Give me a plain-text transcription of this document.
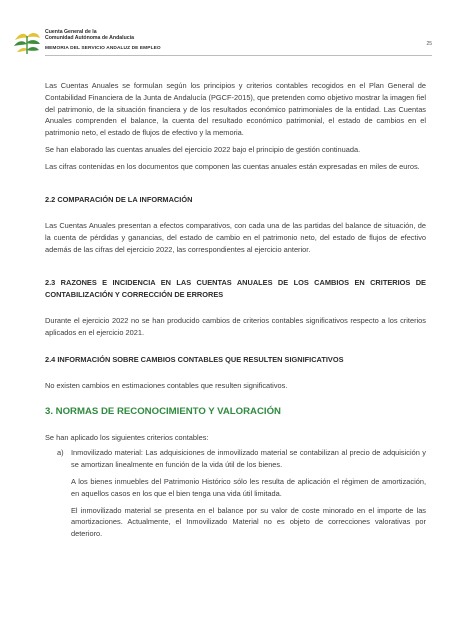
Cuenta General de la
Comunidad Autónoma de Andalucía
25
MEMORIA DEL SERVICIO ANDALUZ DE EMPLEO

Las Cuentas Anuales se formulan según los principios y criterios contables recogidos en el Plan General de Contabilidad Financiera de la Junta de Andalucía (PGCF-2015), que pretenden como objetivo mostrar la imagen fiel del patrimonio, de la situación financiera y de los resultados económico patrimoniales de la entidad. Las Cuentas Anuales comprenden el balance, la cuenta del resultado económico patrimonial, el estado de cambios en el patrimonio neto, el estado de flujos de efectivo y la memoria.

Se han elaborado las cuentas anuales del ejercicio 2022 bajo el principio de gestión continuada.

Las cifras contenidas en los documentos que componen las cuentas anuales están expresadas en miles de euros.

2.2 COMPARACIÓN DE LA INFORMACIÓN

Las Cuentas Anuales presentan a efectos comparativos, con cada una de las partidas del balance de situación, de la cuenta de pérdidas y ganancias, del estado de cambio en el patrimonio neto, del estado de flujos de efectivo además de las cifras del ejercicio 2022, las correspondientes al ejercicio anterior.

2.3 RAZONES E INCIDENCIA EN LAS CUENTAS ANUALES DE LOS CAMBIOS EN CRITERIOS DE CONTABILIZACIÓN Y CORRECCIÓN DE ERRORES

Durante el ejercicio 2022 no se han producido cambios de criterios contables significativos respecto a los criterios aplicados en el ejercicio 2021.

2.4 INFORMACIÓN SOBRE CAMBIOS CONTABLES QUE RESULTEN SIGNIFICATIVOS

No existen cambios en estimaciones contables que resulten significativos.

3. NORMAS DE RECONOCIMIENTO Y VALORACIÓN

Se han aplicado los siguientes criterios contables:

a) Inmovilizado material: Las adquisiciones de inmovilizado material se contabilizan al precio de adquisición y se amortizan linealmente en función de la vida útil de los bienes.

A los bienes inmuebles del Patrimonio Histórico sólo les resulta de aplicación el régimen de amortización, en aquellos casos en los que el bien tenga una vida útil limitada.

El inmovilizado material se presenta en el balance por su valor de coste minorado en el importe de las amortizaciones. Actualmente, el Inmovilizado Material no es objeto de correcciones valorativas por deterioro.
